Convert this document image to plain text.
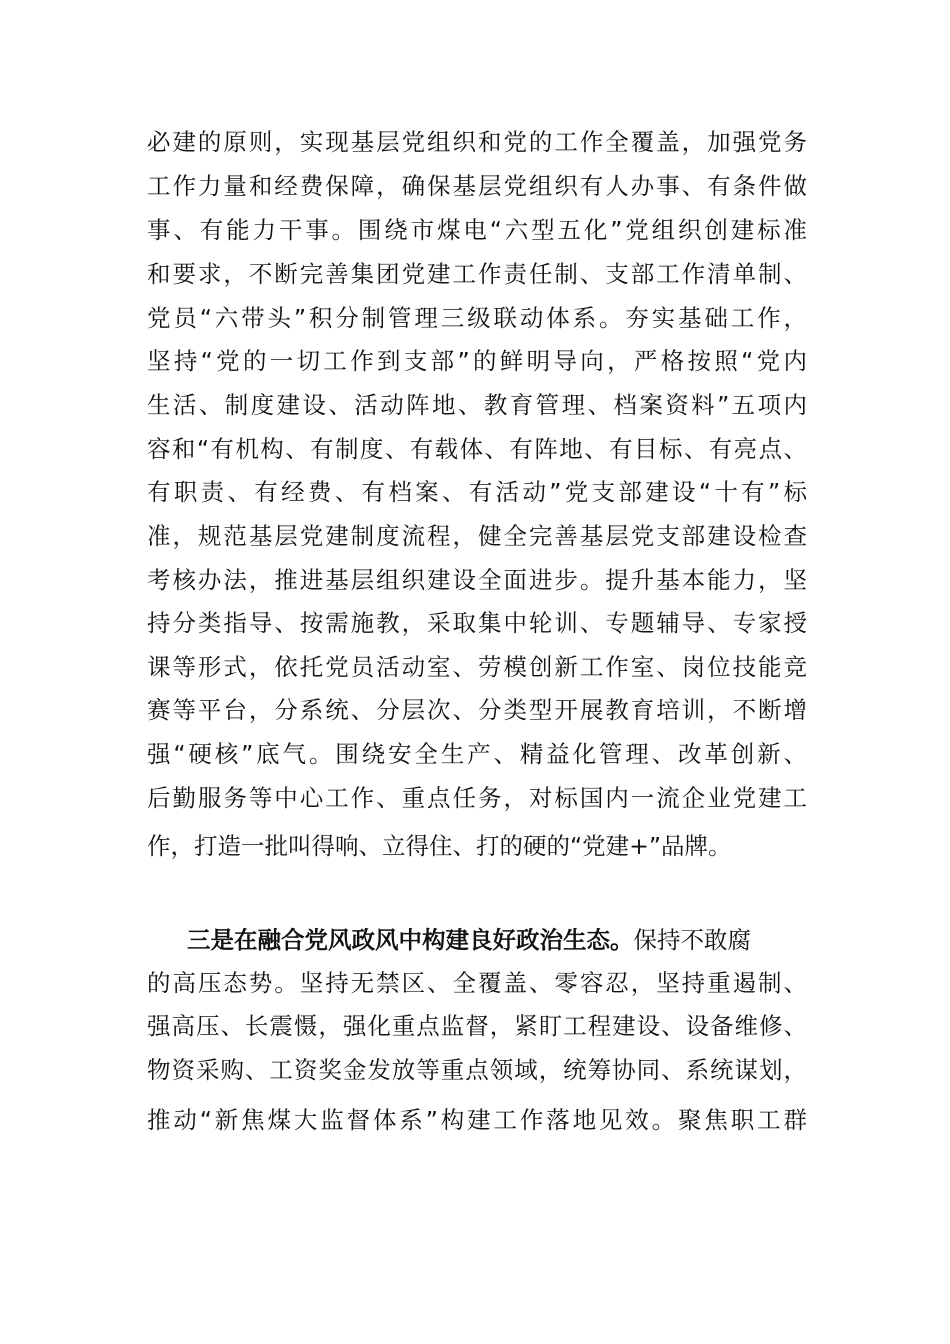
必建的原则，实现基层党组织和党的工作全覆盖，加强党务
工作力量和经费保障，确保基层党组织有人办事、有条件做
事、有能力干事。围绕市煤电“六型五化”党组织创建标准
和要求，不断完善集团党建工作责任制、支部工作清单制、
党员“六带头”积分制管理三级联动体系。夯实基础工作，
坚持“党的一切工作到支部”的鲜明导向，严格按照“党内
生活、制度建设、活动阵地、教育管理、档案资料”五项内
容和“有机构、有制度、有载体、有阵地、有目标、有亮点、
有职责、有经费、有档案、有活动”党支部建设“十有”标
准，规范基层党建制度流程，健全完善基层党支部建设检查
考核办法，推进基层组织建设全面进步。提升基本能力，坚
持分类指导、按需施教，采取集中轮训、专题辅导、专家授
课等形式，依托党员活动室、劳模创新工作室、岗位技能竞
赛等平台，分系统、分层次、分类型开展教育培训，不断增
强“硬核”底气。围绕安全生产、精益化管理、改革创新、
后勤服务等中心工作、重点任务，对标国内一流企业党建工
作，打造一批叫得响、立得住、打的硬的“党建+”品牌。
三是在融合党风政风中构建良好政治生态。保持不敢腐
的高压态势。坚持无禁区、全覆盖、零容忍，坚持重遏制、
强高压、长震慑，强化重点监督，紧盯工程建设、设备维修、
物资采购、工资奖金发放等重点领域，统筹协同、系统谋划，
推动“新焦煤大监督体系”构建工作落地见效。聚焦职工群
